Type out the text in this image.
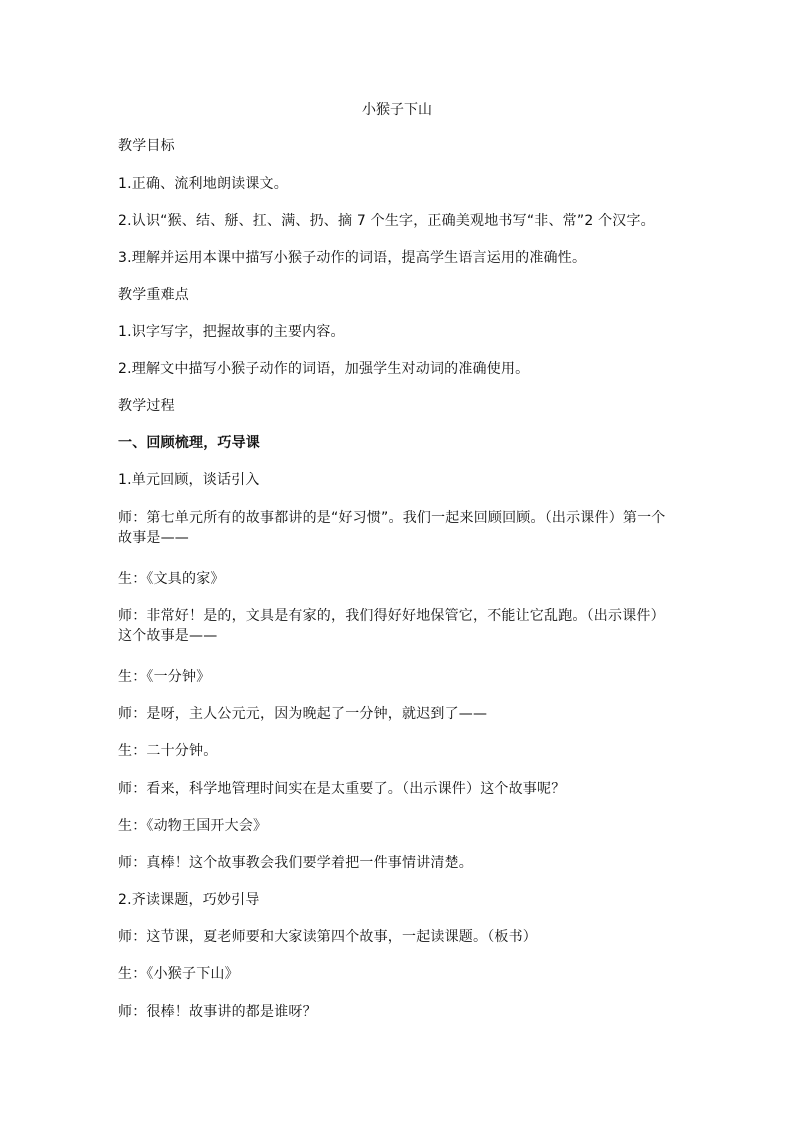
小猴子下山
教学目标
1.正确、流利地朗读课文。
2.认识“猴、结、掰、扛、满、扔、摘 7 个生字，正确美观地书写“非、常”2 个汉字。
3.理解并运用本课中描写小猴子动作的词语，提高学生语言运用的准确性。
教学重难点
1.识字写字，把握故事的主要内容。
2.理解文中描写小猴子动作的词语，加强学生对动词的准确使用。
教学过程
一、回顾梳理，巧导课
1.单元回顾，谈话引入
师：第七单元所有的故事都讲的是“好习惯”。我们一起来回顾回顾。（出示课件）第一个故事是——
生：《文具的家》
师：非常好！是的，文具是有家的，我们得好好地保管它，不能让它乱跑。（出示课件）这个故事是——
生：《一分钟》
师：是呀，主人公元元，因为晚起了一分钟，就迟到了——
生：二十分钟。
师：看来，科学地管理时间实在是太重要了。（出示课件）这个故事呢？
生：《动物王国开大会》
师：真棒！这个故事教会我们要学着把一件事情讲清楚。
2.齐读课题，巧妙引导
师：这节课，夏老师要和大家读第四个故事，一起读课题。（板书）
生：《小猴子下山》
师：很棒！故事讲的都是谁呀？
